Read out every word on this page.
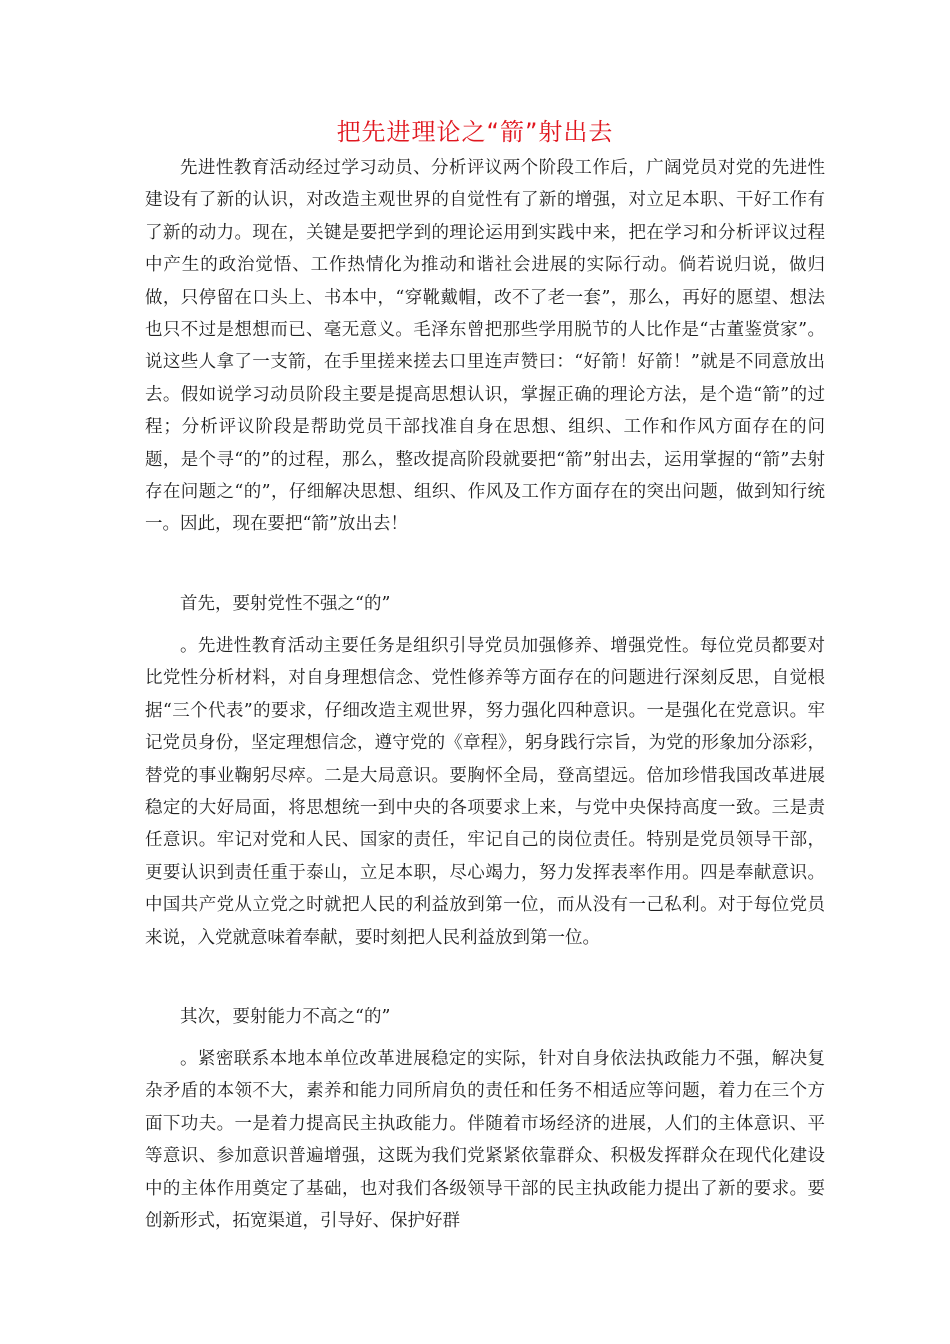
把先进理论之“箭”射出去

先进性教育活动经过学习动员、分析评议两个阶段工作后，广阔党员对党的先进性建设有了新的认识，对改造主观世界的自觉性有了新的增强，对立足本职、干好工作有了新的动力。现在，关键是要把学到的理论运用到实践中来，把在学习和分析评议过程中产生的政治觉悟、工作热情化为推动和谐社会进展的实际行动。倘若说归说，做归做，只停留在口头上、书本中，“穿靴戴帽，改不了老一套”，那么，再好的愿望、想法也只不过是想想而已、毫无意义。毛泽东曾把那些学用脱节的人比作是“古董鉴赏家”。说这些人拿了一支箭，在手里搓来搓去口里连声赞曰：“好箭！好箭！”就是不同意放出去。假如说学习动员阶段主要是提高思想认识，掌握正确的理论方法，是个造“箭”的过程；分析评议阶段是帮助党员干部找准自身在思想、组织、工作和作风方面存在的问题，是个寻“的”的过程，那么，整改提高阶段就要把“箭”射出去，运用掌握的“箭”去射存在问题之“的”，仔细解决思想、组织、作风及工作方面存在的突出问题，做到知行统一。因此，现在要把“箭”放出去！

首先，要射党性不强之“的”

。先进性教育活动主要任务是组织引导党员加强修养、增强党性。每位党员都要对比党性分析材料，对自身理想信念、党性修养等方面存在的问题进行深刻反思，自觉根据“三个代表”的要求，仔细改造主观世界，努力强化四种意识。一是强化在党意识。牢记党员身份，坚定理想信念，遵守党的《章程》，躬身践行宗旨，为党的形象加分添彩，替党的事业鞠躬尽瘁。二是大局意识。要胸怀全局，登高望远。倍加珍惜我国改革进展稳定的大好局面，将思想统一到中央的各项要求上来，与党中央保持高度一致。三是责任意识。牢记对党和人民、国家的责任，牢记自己的岗位责任。特别是党员领导干部，更要认识到责任重于泰山，立足本职，尽心竭力，努力发挥表率作用。四是奉献意识。中国共产党从立党之时就把人民的利益放到第一位，而从没有一己私利。对于每位党员来说，入党就意味着奉献，要时刻把人民利益放到第一位。

其次，要射能力不高之“的”

。紧密联系本地本单位改革进展稳定的实际，针对自身依法执政能力不强，解决复杂矛盾的本领不大，素养和能力同所肩负的责任和任务不相适应等问题，着力在三个方面下功夫。一是着力提高民主执政能力。伴随着市场经济的进展，人们的主体意识、平等意识、参加意识普遍增强，这既为我们党紧紧依靠群众、积极发挥群众在现代化建设中的主体作用奠定了基础，也对我们各级领导干部的民主执政能力提出了新的要求。要创新形式，拓宽渠道，引导好、保护好群
